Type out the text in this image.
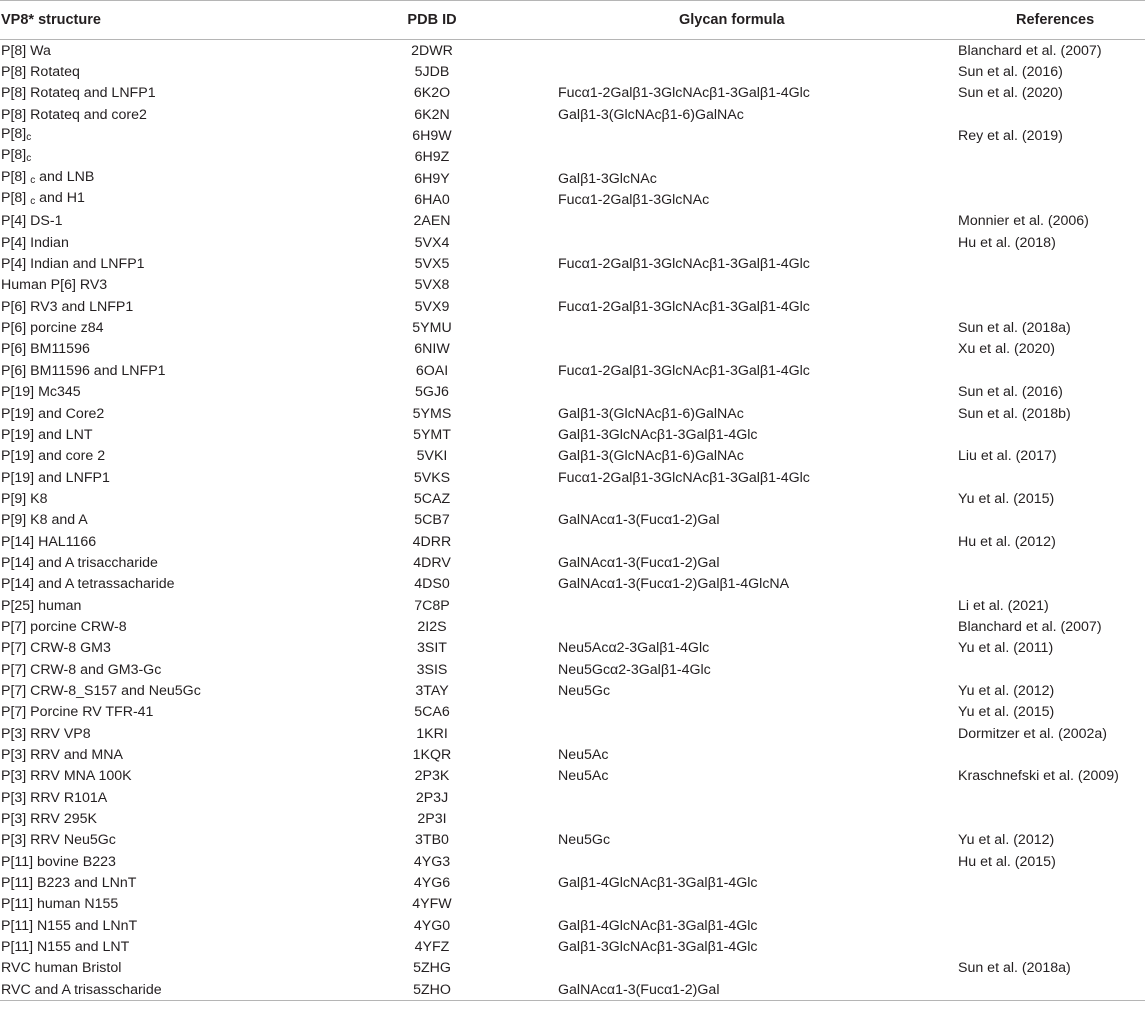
VP8* structure	PDB ID	Glycan formula	References
P[8] Wa	2DWR		Blanchard et al. (2007)
P[8] Rotateq	5JDB		Sun et al. (2016)
P[8] Rotateq and LNFP1	6K2O	Fucα1-2Galβ1-3GlcNAcβ1-3Galβ1-4Glc	Sun et al. (2020)
P[8] Rotateq and core2	6K2N	Galβ1-3(GlcNAcβ1-6)GalNAc	
$P[8]_c$	6H9W		Rey et al. (2019)
$P[8]_c$	6H9Z		
P[8] $_c$ and LNB	6H9Y	Galβ1-3GlcNAc	
P[8] $_c$ and H1	6HA0	Fucα1-2Galβ1-3GlcNAc	
P[4] DS-1	2AEN		Monnier et al. (2006)
P[4] Indian	5VX4		Hu et al. (2018)
P[4] Indian and LNFP1	5VX5	Fucα1-2Galβ1-3GlcNAcβ1-3Galβ1-4Glc	
Human P[6] RV3	5VX8		
P[6] RV3 and LNFP1	5VX9	Fucα1-2Galβ1-3GlcNAcβ1-3Galβ1-4Glc	
P[6] porcine z84	5YMU		Sun et al. (2018a)
P[6] BM11596	6NIW		Xu et al. (2020)
P[6] BM11596 and LNFP1	6OAI	Fucα1-2Galβ1-3GlcNAcβ1-3Galβ1-4Glc	
P[19] Mc345	5GJ6		Sun et al. (2016)
P[19] and Core2	5YMS	Galβ1-3(GlcNAcβ1-6)GalNAc	Sun et al. (2018b)
P[19] and LNT	5YMT	Galβ1-3GlcNAcβ1-3Galβ1-4Glc	
P[19] and core 2	5VKI	Galβ1-3(GlcNAcβ1-6)GalNAc	Liu et al. (2017)
P[19] and LNFP1	5VKS	Fucα1-2Galβ1-3GlcNAcβ1-3Galβ1-4Glc	
P[9] K8	5CAZ		Yu et al. (2015)
P[9] K8 and A	5CB7	GalNAcα1-3(Fucα1-2)Gal	
P[14] HAL1166	4DRR		Hu et al. (2012)
P[14] and A trisaccharide	4DRV	GalNAcα1-3(Fucα1-2)Gal	
P[14] and A tetrassacharide	4DS0	GalNAcα1-3(Fucα1-2)Galβ1-4GlcNA	
P[25] human	7C8P		Li et al. (2021)
P[7] porcine CRW-8	2I2S		Blanchard et al. (2007)
P[7] CRW-8 GM3	3SIT	Neu5Acα2-3Galβ1-4Glc	Yu et al. (2011)
P[7] CRW-8 and GM3-Gc	3SIS	Neu5Gcα2-3Galβ1-4Glc	
P[7] CRW-8_S157 and Neu5Gc	3TAY	Neu5Gc	Yu et al. (2012)
P[7] Porcine RV TFR-41	5CA6		Yu et al. (2015)
P[3] RRV VP8	1KRI		Dormitzer et al. (2002a)
P[3] RRV and MNA	1KQR	Neu5Ac	
P[3] RRV MNA 100K	2P3K	Neu5Ac	Kraschnefski et al. (2009)
P[3] RRV R101A	2P3J		
P[3] RRV 295K	2P3I		
P[3] RRV Neu5Gc	3TB0	Neu5Gc	Yu et al. (2012)
P[11] bovine B223	4YG3		Hu et al. (2015)
P[11] B223 and LNnT	4YG6	Galβ1-4GlcNAcβ1-3Galβ1-4Glc	
P[11] human N155	4YFW		
P[11] N155 and LNnT	4YG0	Galβ1-4GlcNAcβ1-3Galβ1-4Glc	
P[11] N155 and LNT	4YFZ	Galβ1-3GlcNAcβ1-3Galβ1-4Glc	
RVC human Bristol	5ZHG		Sun et al. (2018a)
RVC and A trisasscharide	5ZHO	GalNAcα1-3(Fucα1-2)Gal	
